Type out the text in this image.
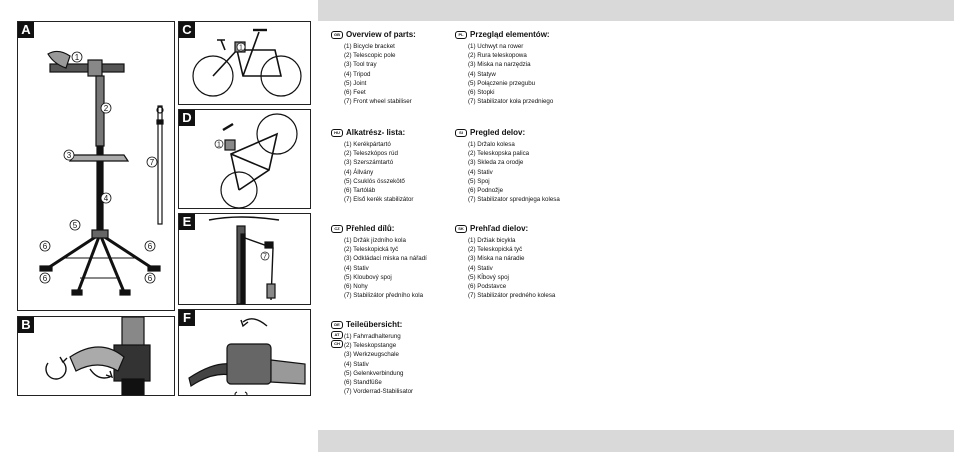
A
1
2
3
4
5
6	6
6	6
7
B
C
1
D
1
E
7
F
GB Overview of parts:
(1) Bicycle bracket
(2) Telescopic pole
(3) Tool tray
(4) Tripod
(5) Joint
(6) Feet
(7) Front wheel stabiliser
PL Przegląd elementów:
(1) Uchwyt na rower
(2) Rura teleskopowa
(3) Miska na narzędzia
(4) Statyw
(5) Połączenie przegubu
(6) Stopki
(7) Stabilizator koła przedniego
HU Alkatrész- lista:
(1) Kerékpártartó
(2) Teleszkópos rúd
(3) Szerszámtartó
(4) Állvány
(5) Csuklós összekötő
(6) Tartóláb
(7) Első kerék stabilizátor
SI Pregled delov:
(1) Držalo kolesa
(2) Teleskopska palica
(3) Skleda za orodje
(4) Stativ
(5) Spoj
(6) Podnožje
(7) Stabilizator sprednjega kolesa
CZ Přehled dílů:
(1) Držák jízdního kola
(2) Teleskopická tyč
(3) Odkládací miska na nářadí
(4) Stativ
(5) Kloubový spoj
(6) Nohy
(7) Stabilizátor předního kola
SK Prehľad dielov:
(1) Držiak bicykla
(2) Teleskopická tyč
(3) Miska na náradie
(4) Stativ
(5) Kĺbový spoj
(6) Podstavce
(7) Stabilizátor predného kolesa
DE Teileübersicht:
AT
CH
(1) Fahrradhalterung
(2) Teleskopstange
(3) Werkzeugschale
(4) Stativ
(5) Gelenkverbindung
(6) Standfüße
(7) Vorderrad-Stabilisator
